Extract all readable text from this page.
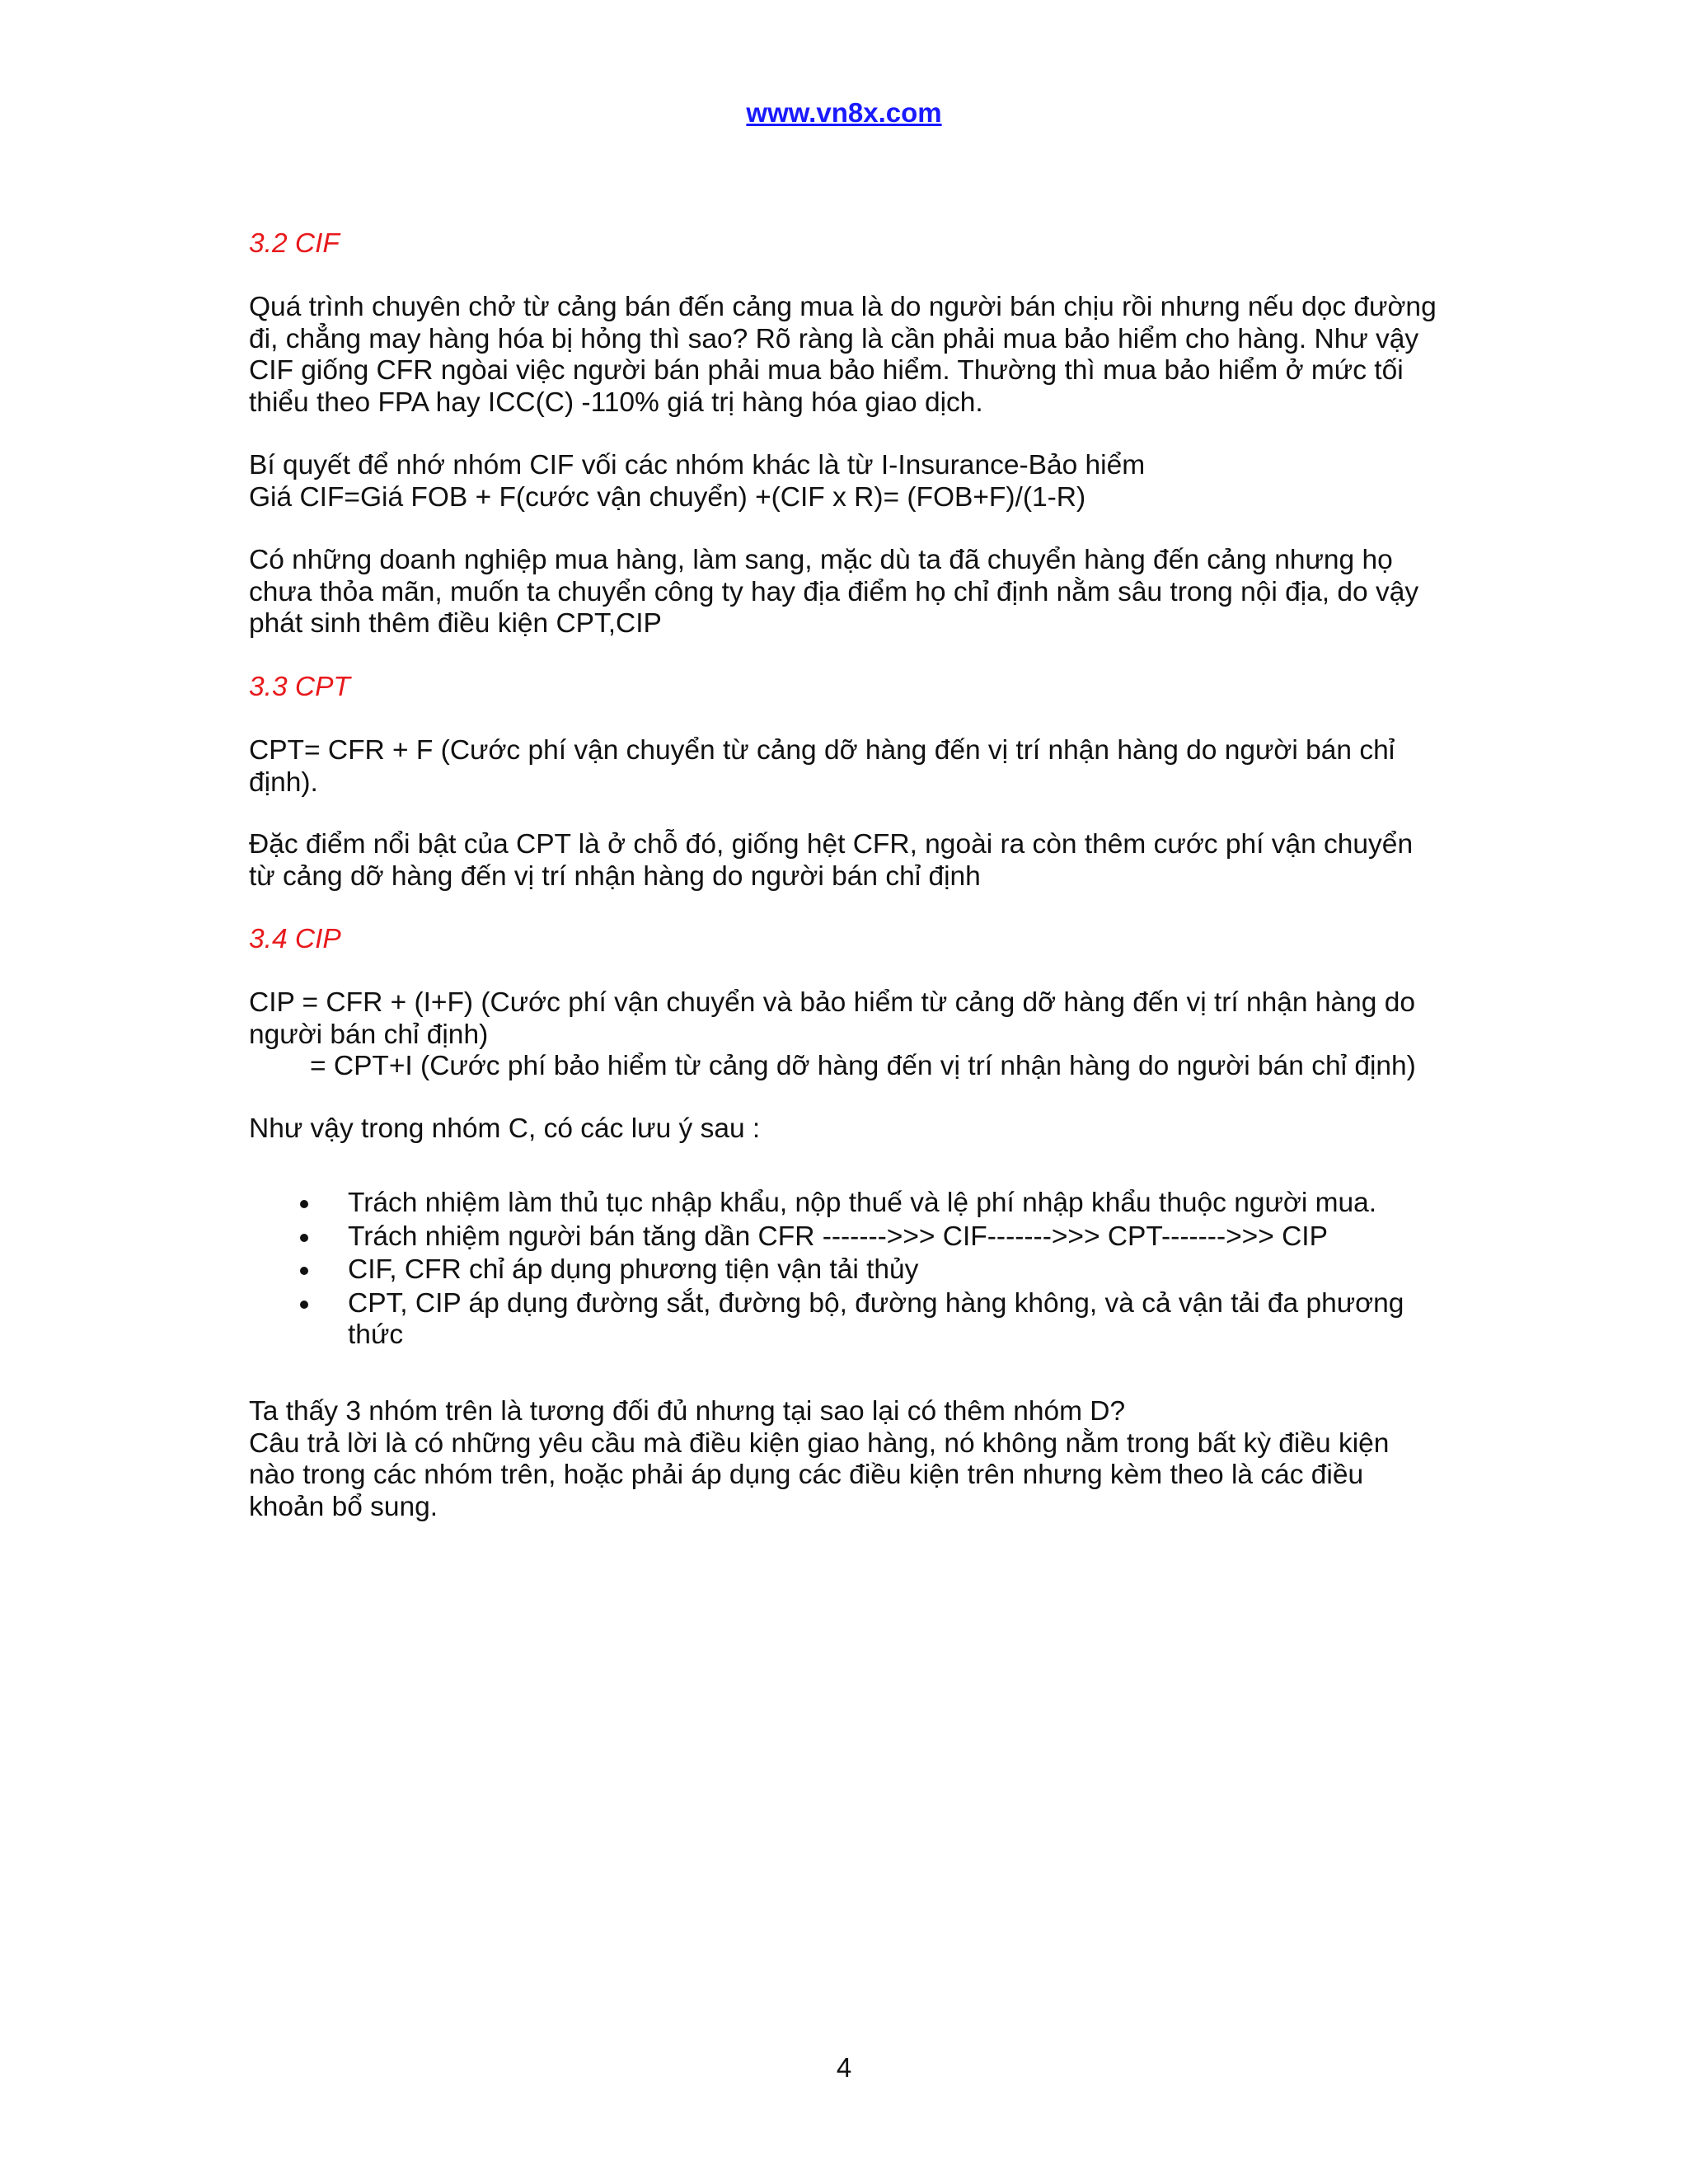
www.vn8x.com
3.2 CIF
Quá trình chuyên chở từ cảng bán đến cảng mua là do người bán chịu rồi nhưng nếu dọc đường
đi, chẳng may hàng hóa bị hỏng thì sao? Rõ ràng là cần phải mua bảo hiểm cho hàng. Như vậy
CIF giống CFR ngòai việc người bán phải mua bảo hiểm. Thường thì mua bảo hiểm ở mức tối
thiểu theo FPA hay ICC(C) -110% giá trị hàng hóa giao dịch.
Bí quyết để nhớ nhóm CIF vối các nhóm khác là từ I-Insurance-Bảo hiểm
Giá CIF=Giá FOB + F(cước vận chuyển) +(CIF x R)= (FOB+F)/(1-R)
Có những doanh nghiệp mua hàng, làm sang, mặc dù ta đã chuyển hàng đến cảng nhưng họ
chưa thỏa mãn, muốn ta chuyển công ty hay địa điểm họ chỉ định nằm sâu trong nội địa, do vậy
phát sinh thêm điều kiện CPT,CIP
3.3 CPT
CPT= CFR + F (Cước phí vận chuyển từ cảng dỡ hàng đến vị trí nhận hàng do người bán chỉ
định).
Đặc điểm nổi bật của CPT là ở chỗ đó, giống hệt CFR, ngoài ra còn thêm cước phí vận chuyển
từ cảng dỡ hàng đến vị trí nhận hàng do người bán chỉ định
3.4 CIP
CIP = CFR + (I+F) (Cước phí vận chuyển và bảo hiểm từ cảng dỡ hàng đến vị trí nhận hàng do
người bán chỉ định)
= CPT+I (Cước phí bảo hiểm từ cảng dỡ hàng đến vị trí nhận hàng do người bán chỉ định)
Như vậy trong nhóm C, có các lưu ý sau :
Trách nhiệm làm thủ tục nhập khẩu, nộp thuế và lệ phí nhập khẩu thuộc người mua.
Trách nhiệm người bán tăng dần CFR ------->>> CIF------->>> CPT------->>> CIP
CIF, CFR chỉ áp dụng phương tiện vận tải thủy
CPT, CIP áp dụng đường sắt, đường bộ, đường hàng không, và cả vận tải đa phương
thức
Ta thấy 3 nhóm trên là tương đối đủ nhưng tại sao lại có thêm nhóm D?
Câu trả lời là có những yêu cầu mà điều kiện giao hàng, nó không nằm trong bất kỳ điều kiện
nào trong các nhóm trên, hoặc phải áp dụng các điều kiện trên nhưng kèm theo là các điều
khoản bổ sung.
4
